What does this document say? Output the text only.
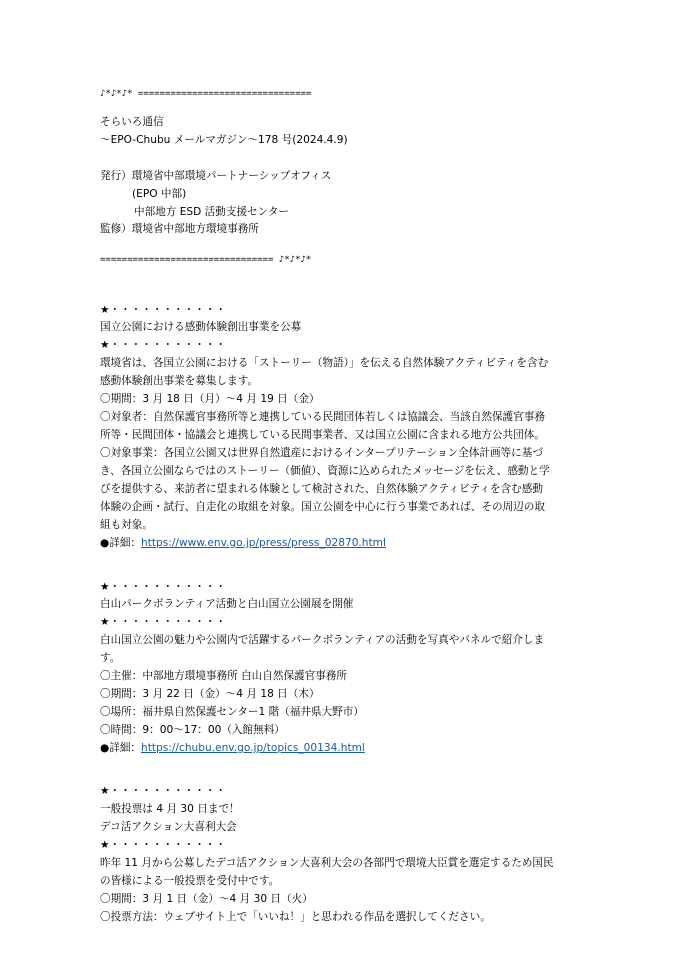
♪*♪*♪* ================================
そらいろ通信
～EPO-Chubu メールマガジン～178 号(2024.4.9)
発行）環境省中部環境パートナーシップオフィス
(EPO 中部)
中部地方 ESD 活動支援センター
監修）環境省中部地方環境事務所
================================ ♪*♪*♪*
★・・・・・・・・・・・
国立公園における感動体験創出事業を公募
★・・・・・・・・・・・
環境省は、各国立公園における「ストーリー（物語）」を伝える自然体験アクティビティを含む
感動体験創出事業を募集します。
〇期間：3 月 18 日（月）～4 月 19 日（金）
〇対象者：自然保護官事務所等と連携している民間団体若しくは協議会、当該自然保護官事務
所等・民間団体・協議会と連携している民間事業者、又は国立公園に含まれる地方公共団体。
〇対象事業：各国立公園又は世界自然遺産におけるインタープリテーション全体計画等に基づ
き、各国立公園ならではのストーリー（価値）、資源に込められたメッセージを伝え、感動と学
びを提供する、来訪者に望まれる体験として検討された、自然体験アクティビティを含む感動
体験の企画・試行、自走化の取組を対象。国立公園を中心に行う事業であれば、その周辺の取
組も対象。
●詳細：https://www.env.go.jp/press/press_02870.html
★・・・・・・・・・・・
白山パークボランティア活動と白山国立公園展を開催
★・・・・・・・・・・・
白山国立公園の魅力や公園内で活躍するパークボランティアの活動を写真やパネルで紹介しま
す。
〇主催：中部地方環境事務所 白山自然保護官事務所
〇期間：3 月 22 日（金）～4 月 18 日（木）
〇場所：福井県自然保護センター1 階（福井県大野市）
〇時間：9：00～17：00（入館無料）
●詳細：https://chubu.env.go.jp/topics_00134.html
★・・・・・・・・・・・
一般投票は 4 月 30 日まで！
デコ活アクション大喜利大会
★・・・・・・・・・・・
昨年 11 月から公募したデコ活アクション大喜利大会の各部門で環境大臣賞を選定するため国民
の皆様による一般投票を受付中です。
〇期間：3 月 1 日（金）～4 月 30 日（火）
〇投票方法：ウェブサイト上で「いいね！」と思われる作品を選択してください。
